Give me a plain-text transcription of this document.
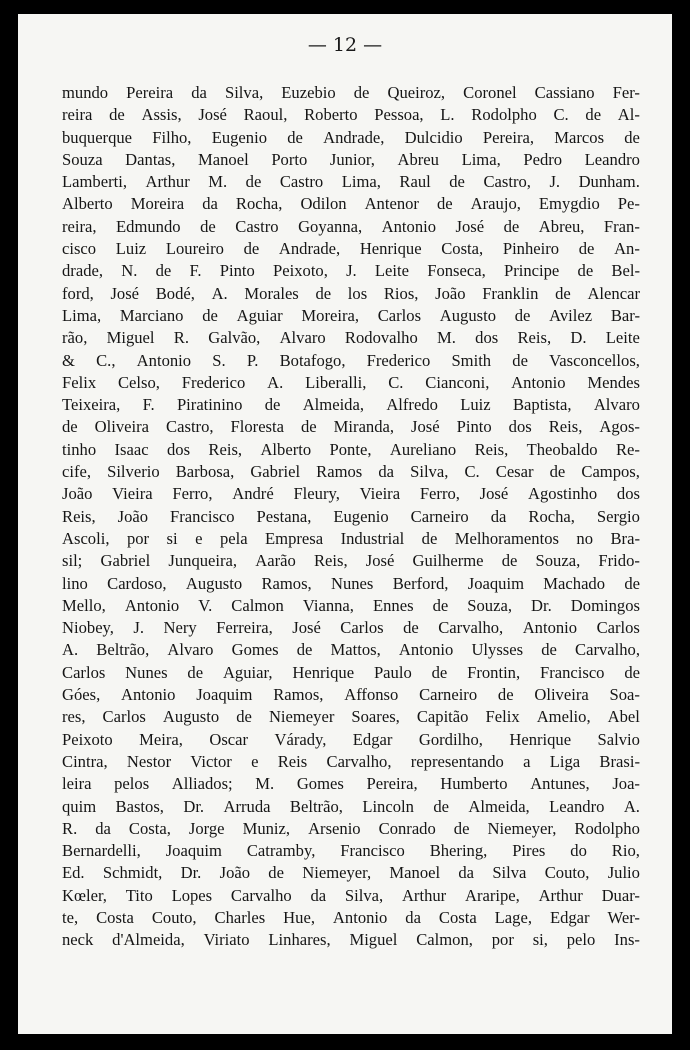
— 12 —
mundo Pereira da Silva, Euzebio de Queiroz, Coronel Cassiano Fer-
reira de Assis, José Raoul, Roberto Pessoa, L. Rodolpho C. de Al-
buquerque Filho, Eugenio de Andrade, Dulcidio Pereira, Marcos de
Souza Dantas, Manoel Porto Junior, Abreu Lima, Pedro Leandro
Lamberti, Arthur M. de Castro Lima, Raul de Castro, J. Dunham.
Alberto Moreira da Rocha, Odilon Antenor de Araujo, Emygdio Pe-
reira, Edmundo de Castro Goyanna, Antonio José de Abreu, Fran-
cisco Luiz Loureiro de Andrade, Henrique Costa, Pinheiro de An-
drade, N. de F. Pinto Peixoto, J. Leite Fonseca, Principe de Bel-
ford, José Bodé, A. Morales de los Rios, João Franklin de Alencar
Lima, Marciano de Aguiar Moreira, Carlos Augusto de Avilez Bar-
rão, Miguel R. Galvão, Alvaro Rodovalho M. dos Reis, D. Leite
& C., Antonio S. P. Botafogo, Frederico Smith de Vasconcellos,
Felix Celso, Frederico A. Liberalli, C. Cianconi, Antonio Mendes
Teixeira, F. Piratinino de Almeida, Alfredo Luiz Baptista, Alvaro
de Oliveira Castro, Floresta de Miranda, José Pinto dos Reis, Agos-
tinho Isaac dos Reis, Alberto Ponte, Aureliano Reis, Theobaldo Re-
cife, Silverio Barbosa, Gabriel Ramos da Silva, C. Cesar de Campos,
João Vieira Ferro, André Fleury, Vieira Ferro, José Agostinho dos
Reis, João Francisco Pestana, Eugenio Carneiro da Rocha, Sergio
Ascoli, por si e pela Empresa Industrial de Melhoramentos no Bra-
sil; Gabriel Junqueira, Aarão Reis, José Guilherme de Souza, Frido-
lino Cardoso, Augusto Ramos, Nunes Berford, Joaquim Machado de
Mello, Antonio V. Calmon Vianna, Ennes de Souza, Dr. Domingos
Niobey, J. Nery Ferreira, José Carlos de Carvalho, Antonio Carlos
A. Beltrão, Alvaro Gomes de Mattos, Antonio Ulysses de Carvalho,
Carlos Nunes de Aguiar, Henrique Paulo de Frontin, Francisco de
Góes, Antonio Joaquim Ramos, Affonso Carneiro de Oliveira Soa-
res, Carlos Augusto de Niemeyer Soares, Capitão Felix Amelio, Abel
Peixoto Meira, Oscar Várady, Edgar Gordilho, Henrique Salvio
Cintra, Nestor Victor e Reis Carvalho, representando a Liga Brasi-
leira pelos Alliados; M. Gomes Pereira, Humberto Antunes, Joa-
quim Bastos, Dr. Arruda Beltrão, Lincoln de Almeida, Leandro A.
R. da Costa, Jorge Muniz, Arsenio Conrado de Niemeyer, Rodolpho
Bernardelli, Joaquim Catramby, Francisco Bhering, Pires do Rio,
Ed. Schmidt, Dr. João de Niemeyer, Manoel da Silva Couto, Julio
Kœler, Tito Lopes Carvalho da Silva, Arthur Araripe, Arthur Duar-
te, Costa Couto, Charles Hue, Antonio da Costa Lage, Edgar Wer-
neck d'Almeida, Viriato Linhares, Miguel Calmon, por si, pelo Ins-
